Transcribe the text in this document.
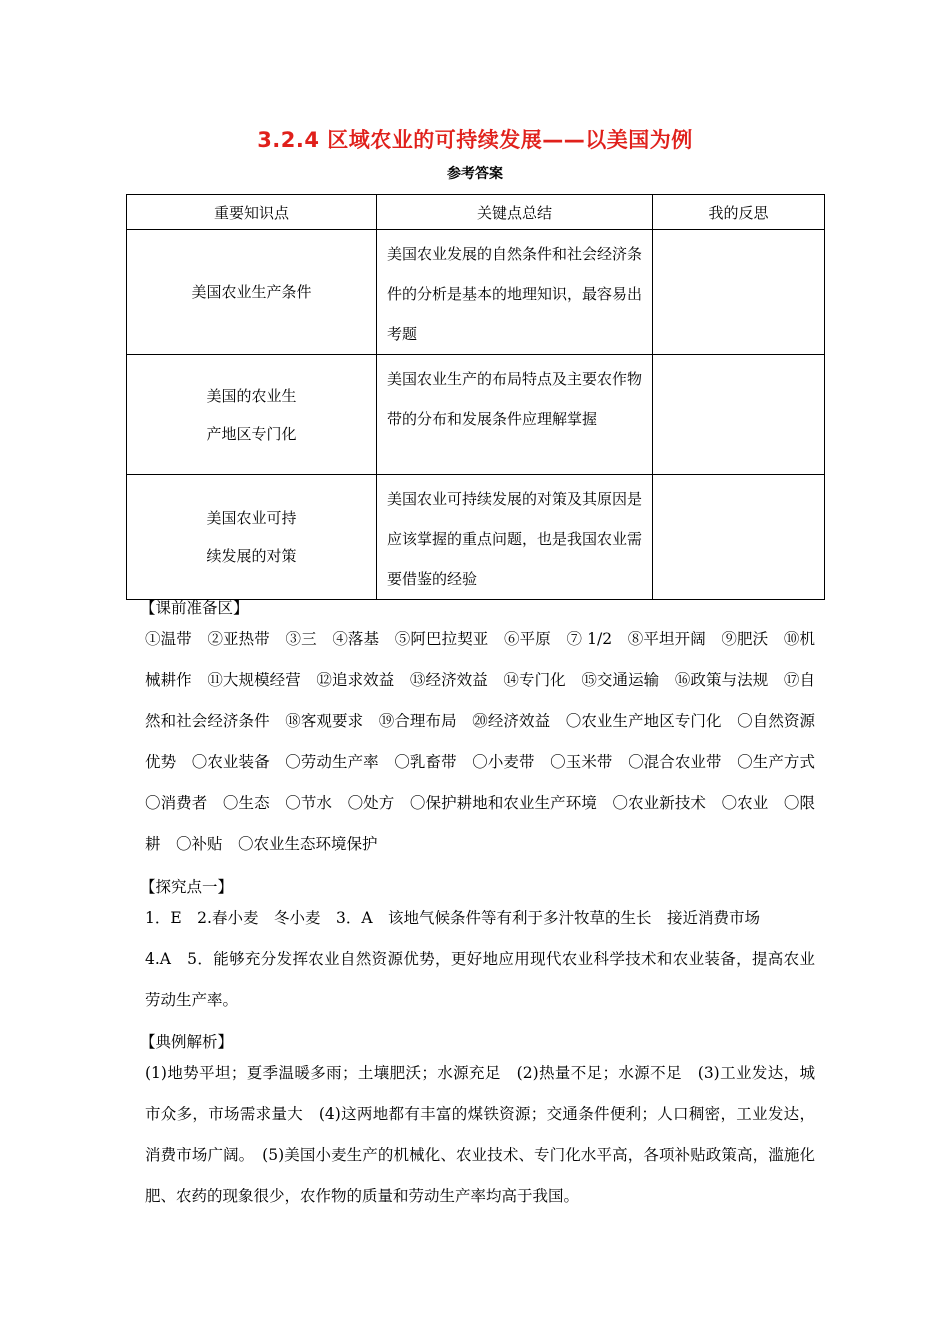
3.2.4 区域农业的可持续发展——以美国为例
参考答案
重要知识点	关键点总结	我的反思

美国农业生产条件	美国农业发展的自然条件和社会经济条件的分析是基本的地理知识，最容易出考题	

美国的农业生
产地区专门化	美国农业生产的布局特点及主要农作物带的分布和发展条件应理解掌握	

美国农业可持
续发展的对策	美国农业可持续发展的对策及其原因是应该掌握的重点问题，也是我国农业需要借鉴的经验	
【课前准备区】
①温带　②亚热带　③三　④落基　⑤阿巴拉契亚　⑥平原　⑦ 1/2　⑧平坦开阔　⑨肥沃　⑩机械耕作　⑪大规模经营　⑫追求效益　⑬经济效益　⑭专门化　⑮交通运输　⑯政策与法规　⑰自然和社会经济条件　⑱客观要求　⑲合理布局　⑳经济效益　〇农业生产地区专门化　〇自然资源优势　〇农业装备　〇劳动生产率　〇乳畜带　〇小麦带　〇玉米带　〇混合农业带　〇生产方式　〇消费者　〇生态　〇节水　〇处方　〇保护耕地和农业生产环境　〇农业新技术　〇农业　〇限耕　〇补贴　〇农业生态环境保护
【探究点一】
1．E　2.春小麦　冬小麦　3．A　该地气候条件等有利于多汁牧草的生长　接近消费市场
4.A　5．能够充分发挥农业自然资源优势，更好地应用现代农业科学技术和农业装备，提高农业劳动生产率。
【典例解析】
(1)地势平坦；夏季温暖多雨；土壤肥沃；水源充足　(2)热量不足；水源不足　(3)工业发达，城市众多，市场需求量大　(4)这两地都有丰富的煤铁资源；交通条件便利；人口稠密，工业发达，消费市场广阔。　(5)美国小麦生产的机械化、农业技术、专门化水平高，各项补贴政策高，滥施化肥、农药的现象很少，农作物的质量和劳动生产率均高于我国。
